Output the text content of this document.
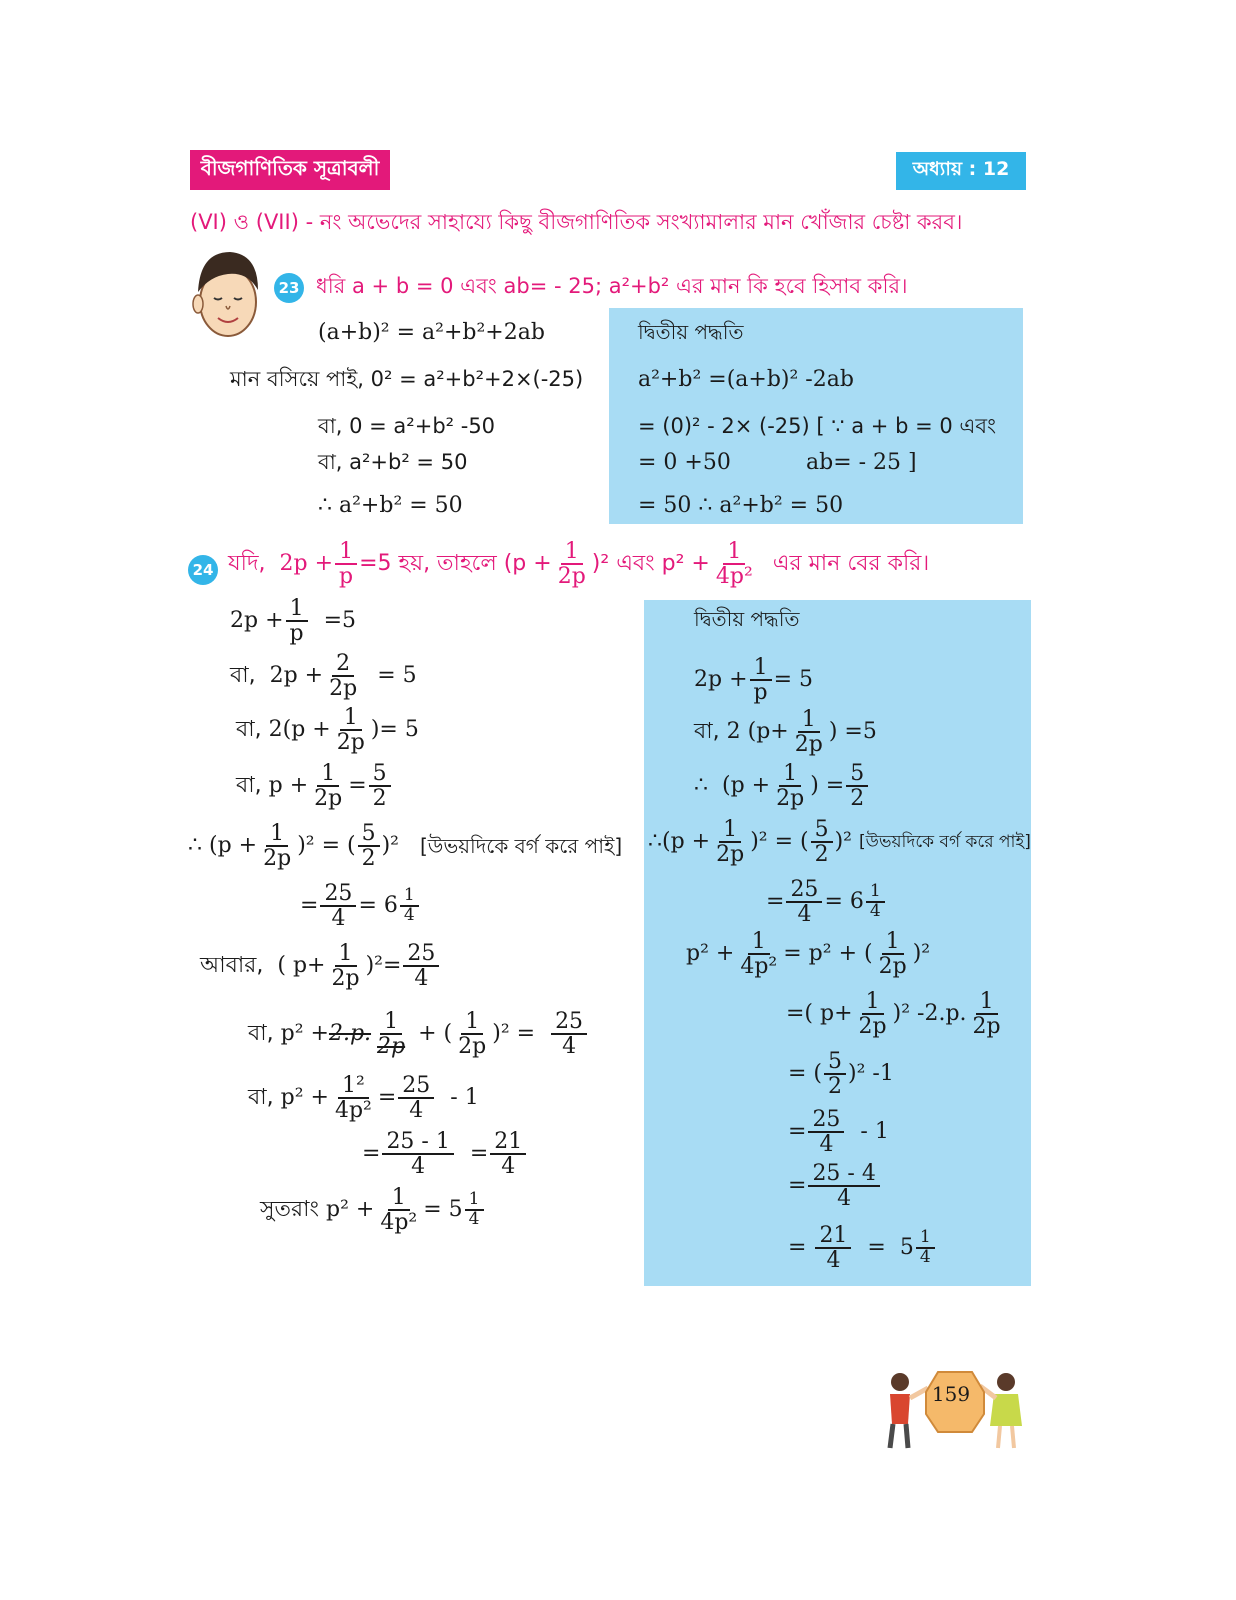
বীজগাণিতিক সূত্রাবলী	অধ্যায় : 12
(VI) ও (VII) - নং অভেদের সাহায্যে কিছু বীজগাণিতিক সংখ্যামালার মান খোঁজার চেষ্টা করব।
23 ধরি a + b = 0 এবং ab= - 25; a²+b² এর মান কি হবে হিসাব করি।
(a+b)² = a²+b²+2ab
মান বসিয়ে পাই, 0² = a²+b²+2×(-25)
বা, 0 = a²+b² -50
বা, a²+b² = 50
∴ a²+b² = 50
দ্বিতীয় পদ্ধতি
a²+b² =(a+b)² -2ab
= (0)² - 2× (-25) [ ∵ a + b = 0 এবং
= 0 +50	ab= - 25 ]
= 50 ∴ a²+b² = 50
24 যদি, $2p + \frac{1}{p} =5$ হয়, তাহলে $(p + \frac{1}{2p} )^2$ এবং $p^2 + \frac{1}{\text{4p²}}$
এর মান বের করি।
$2p + \frac{1}{p} =5$
বা, $2p + \frac{2}{2p} = 5$
বা, $2(p + \frac{1}{2p}$ )= 5
বা, $p + \frac{1}{2p} = \frac{5}{2}$
∴ $(p + \frac{1}{2p} )^2$ = ( $\frac{5}{2} )^2$ [উভয়দিকে বর্গ করে পাই]
= $\frac{25}{4} = 6 \frac{1}{4}$
আবার, ( $p+ \frac{1}{2p} )^2= \frac{25}{4}$
বা, p² + 2.p. $\frac{1}{2p}$ + ( $\frac{1}{2p} )^2 = \frac{25}{4}$
বা, $p^2 + \frac{\text{1²}}{\text{4p²}} = \frac{25}{4} - 1$
= $\frac{25 - 1}{4} = \frac{21}{4}$
সুতরাং $p^2 + \frac{1}{\text{4p²}} = 5 \frac{1}{4}$
দ্বিতীয় পদ্ধতি
$2p + \frac{1}{p} = 5$
বা, 2 ($p+ \frac{1}{2p}$ ) =5
∴ ($p + \frac{1}{2p}$ ) = $\frac{5}{2}$
∴ $(p + \frac{1}{2p} )^2$ = ( $\frac{5}{2} )^2$ [উভয়দিকে বর্গ করে পাই]
= $\frac{25}{4} = 6 \frac{1}{4}$
$p^2 + \frac{1}{\text{4p²}} = p^2$ + ( $\frac{1}{2p} )^2$
=( $p+ \frac{1}{2p} )^2$ -2.p. $\frac{1}{2p}$
= ( $\frac{5}{2} )^2$ -1
= $\frac{25}{4} - 1$
= $\frac{25 - 4}{4}$
= $\frac{21}{4} = 5 \frac{1}{4}$
159
